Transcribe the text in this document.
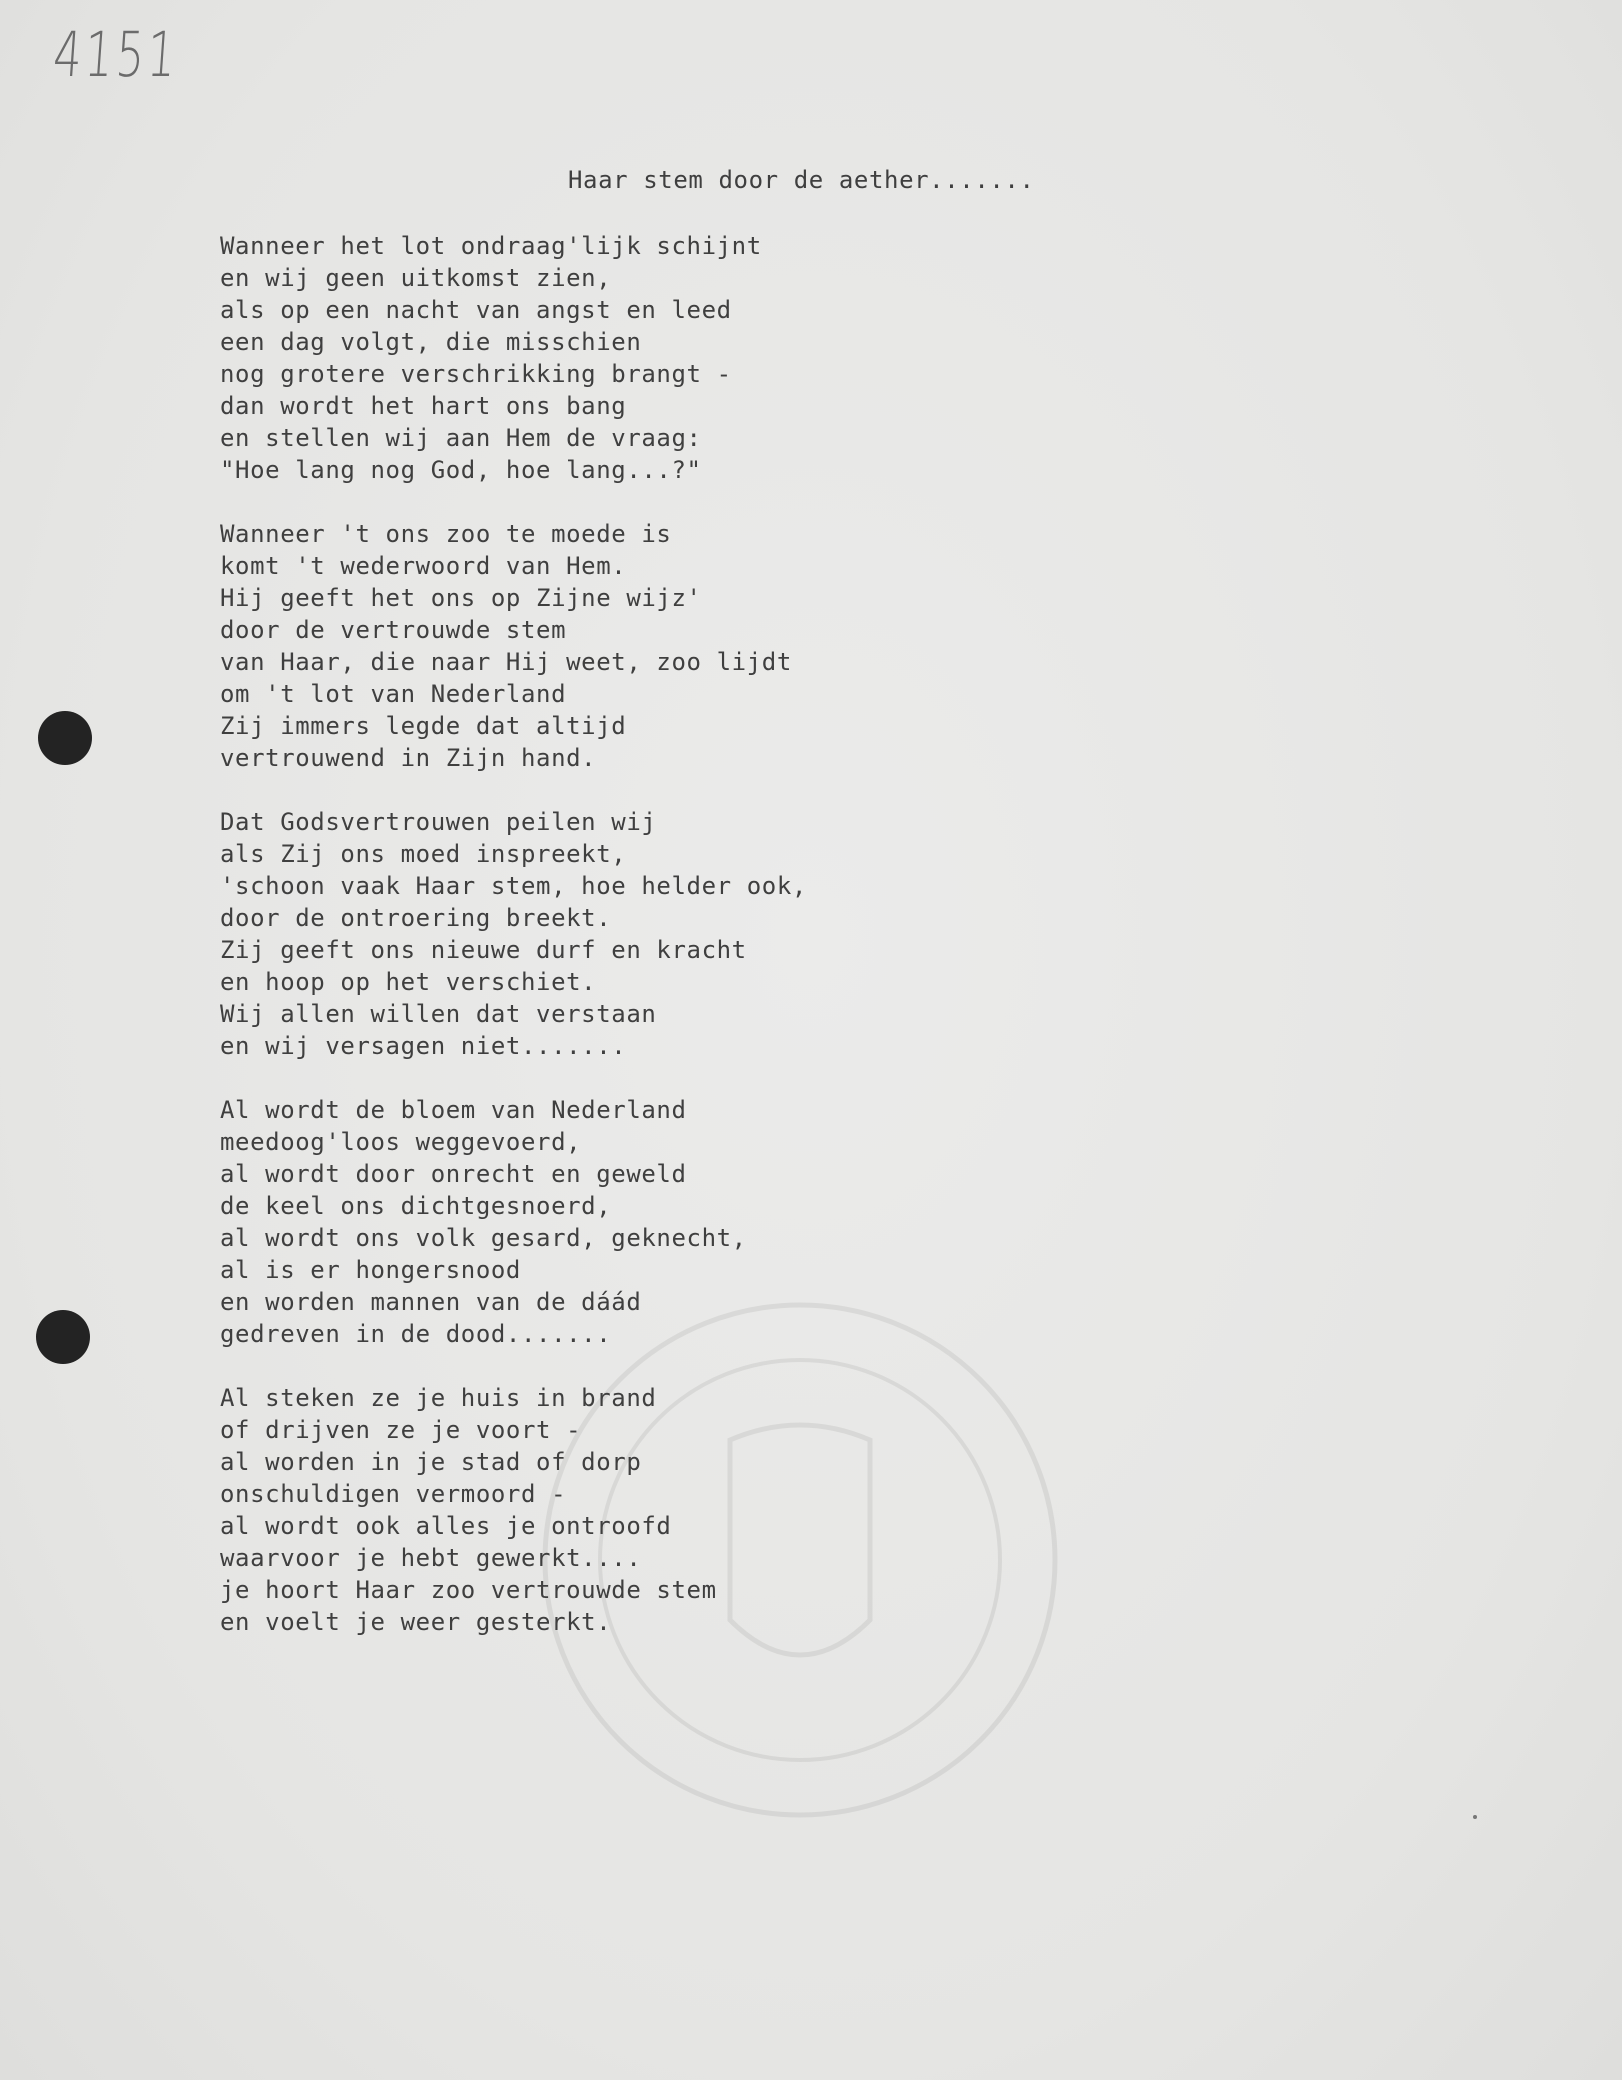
4151
Haar stem door de aether.......
Wanneer het lot ondraag'lijk schijnt
en wij geen uitkomst zien,
als op een nacht van angst en leed
een dag volgt, die misschien
nog grotere verschrikking brangt -
dan wordt het hart ons bang
en stellen wij aan Hem de vraag:
"Hoe lang nog God, hoe lang...?"
Wanneer 't ons zoo te moede is
komt 't wederwoord van Hem.
Hij geeft het ons op Zijne wijz'
door de vertrouwde stem
van Haar, die naar Hij weet, zoo lijdt
om 't lot van Nederland
Zij immers legde dat altijd
vertrouwend in Zijn hand.
Dat Godsvertrouwen peilen wij
als Zij ons moed inspreekt,
'schoon vaak Haar stem, hoe helder ook,
door de ontroering breekt.
Zij geeft ons nieuwe durf en kracht
en hoop op het verschiet.
Wij allen willen dat verstaan
en wij versagen niet.......
Al wordt de bloem van Nederland
meedoog'loos weggevoerd,
al wordt door onrecht en geweld
de keel ons dichtgesnoerd,
al wordt ons volk gesard, geknecht,
al is er hongersnood
en worden mannen van de dáád
gedreven in de dood.......
Al steken ze je huis in brand
of drijven ze je voort -
al worden in je stad of dorp
onschuldigen vermoord -
al wordt ook alles je ontroofd
waarvoor je hebt gewerkt....
je hoort Haar zoo vertrouwde stem
en voelt je weer gesterkt.
